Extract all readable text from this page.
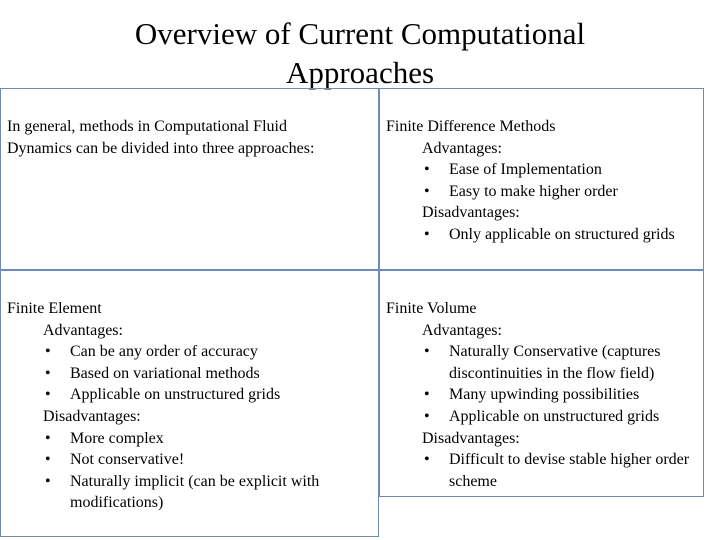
Overview of Current Computational
Approaches
In general, methods in Computational Fluid
Dynamics can be divided into three approaches:
Finite Difference Methods
Advantages:
• Ease of Implementation
• Easy to make higher order
Disadvantages:
• Only applicable on structured grids
Finite Element
Advantages:
• Can be any order of accuracy
• Based on variational methods
• Applicable on unstructured grids
Disadvantages:
• More complex
• Not conservative!
• Naturally implicit (can be explicit with modifications)
Finite Volume
Advantages:
• Naturally Conservative (captures discontinuities in the flow field)
• Many upwinding possibilities
• Applicable on unstructured grids
Disadvantages:
• Difficult to devise stable higher order scheme
